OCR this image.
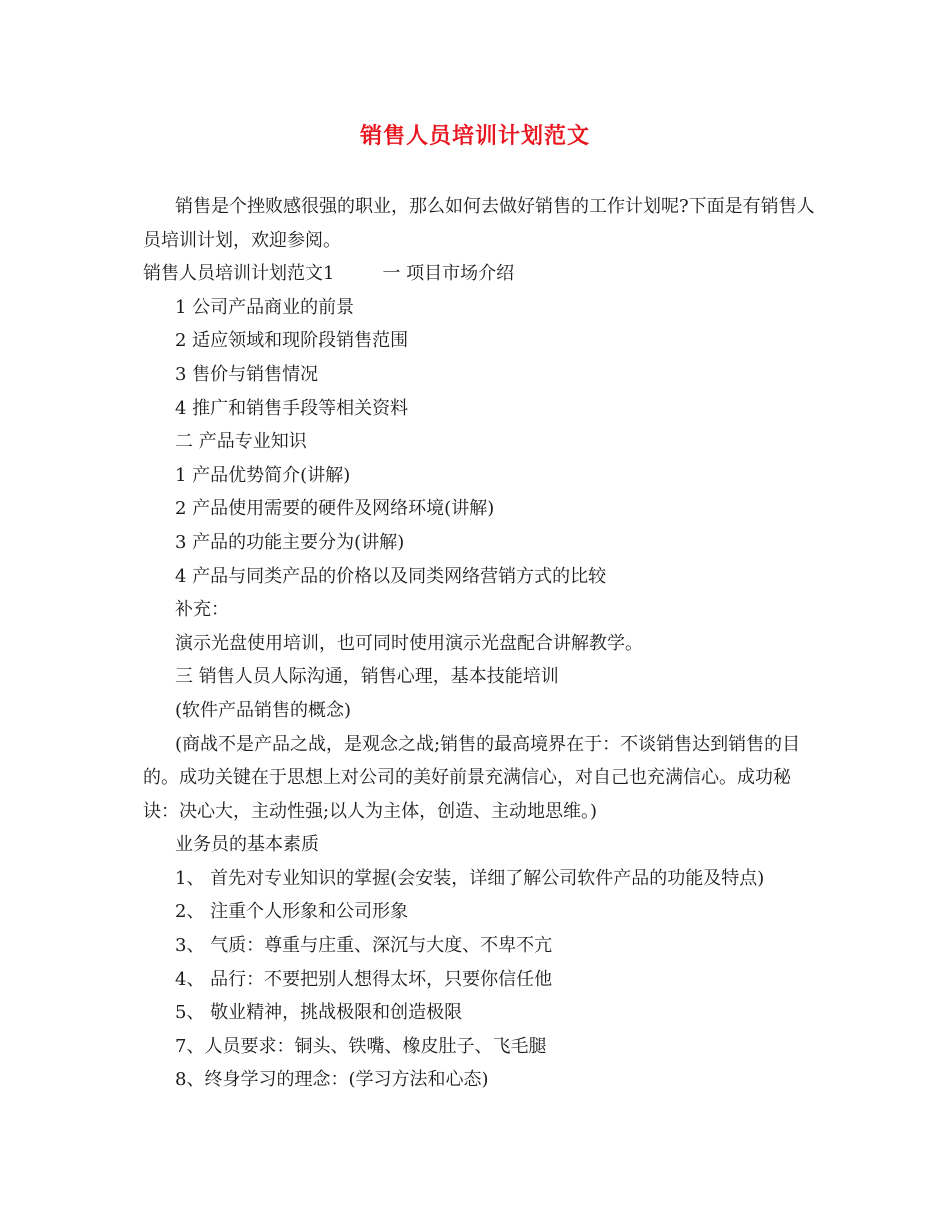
销售人员培训计划范文

销售是个挫败感很强的职业，那么如何去做好销售的工作计划呢?下面是有销售人员培训计划，欢迎参阅。

销售人员培训计划范文1	一 项目市场介绍

1 公司产品商业的前景

2 适应领域和现阶段销售范围

3 售价与销售情况

4 推广和销售手段等相关资料

二 产品专业知识

1 产品优势简介(讲解)

2 产品使用需要的硬件及网络环境(讲解)

3 产品的功能主要分为(讲解)

4 产品与同类产品的价格以及同类网络营销方式的比较

补充：

演示光盘使用培训，也可同时使用演示光盘配合讲解教学。

三 销售人员人际沟通，销售心理，基本技能培训

(软件产品销售的概念)

(商战不是产品之战，是观念之战;销售的最高境界在于：不谈销售达到销售的目的。成功关键在于思想上对公司的美好前景充满信心，对自己也充满信心。成功秘诀：决心大，主动性强;以人为主体，创造、主动地思维。)

业务员的基本素质

1、 首先对专业知识的掌握(会安装，详细了解公司软件产品的功能及特点)

2、 注重个人形象和公司形象

3、 气质：尊重与庄重、深沉与大度、不卑不亢

4、 品行：不要把别人想得太坏，只要你信任他

5、 敬业精神，挑战极限和创造极限

7、人员要求：铜头、铁嘴、橡皮肚子、飞毛腿

8、终身学习的理念：(学习方法和心态)
